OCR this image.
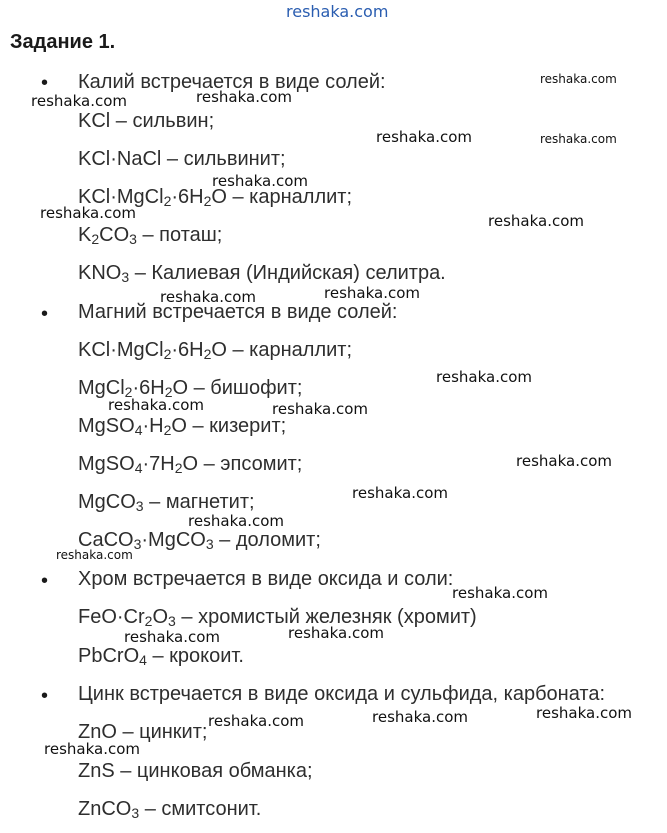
reshaka.com
Задание 1.
• Калий встречается в виде солей:
KCl – сильвин;
KCl·NaCl – сильвинит;
$KCl\cdot MgCl_2\cdot 6H_2O$ – карналлит;
$K_2CO_3$ – поташ;
$KNO_3$ – Калиевая (Индийская) селитра.
• Магний встречается в виде солей:
$KCl\cdot MgCl_2\cdot 6H_2O$ – карналлит;
$MgCl_2\cdot 6H_2O$ – бишофит;
$MgSO_4\cdot H_2O$ – кизерит;
$MgSO_4\cdot 7H_2O$ – эпсомит;
MgCO$_3$ – магнетит;
CaCO$_3$·MgCO$_3$ – доломит;
• Хром встречается в виде оксида и соли:
$FeO\cdot Cr_2O_3$ – хромистый железняк (хромит)
PbCrO$_4$ – крокоит.
• Цинк встречается в виде оксида и сульфида, карбоната:
ZnO – цинкит;
ZnS – цинковая обманка;
ZnCO$_3$ – смитсонит.
reshaka.com
reshaka.com	reshaka.com
reshaka.com	reshaka.com
reshaka.com
reshaka.com	reshaka.com
reshaka.com	reshaka.com
reshaka.com
reshaka.com	reshaka.com
reshaka.com
reshaka.com
reshaka.com
reshaka.com
reshaka.com
reshaka.com	reshaka.com
reshaka.com	reshaka.com	reshaka.com
reshaka.com
